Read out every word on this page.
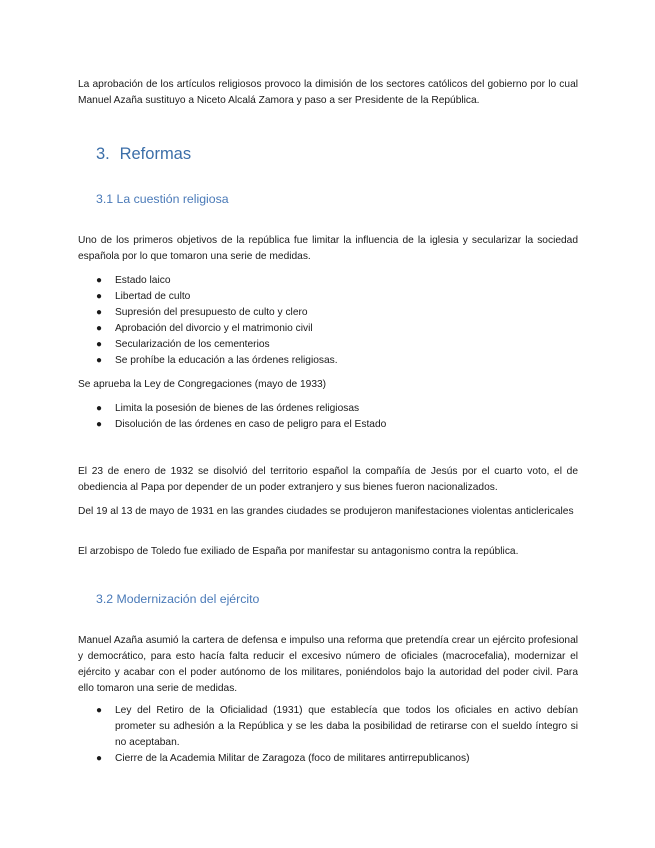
La aprobación de los artículos religiosos provoco la dimisión de los sectores católicos del gobierno por lo cual Manuel Azaña sustituyo a Niceto Alcalá Zamora y paso a ser Presidente de la República.

3. Reformas
3.1 La cuestión religiosa

Uno de los primeros objetivos de la república fue limitar la influencia de la iglesia y secularizar la sociedad española por lo que tomaron una serie de medidas.

● Estado laico
● Libertad de culto
● Supresión del presupuesto de culto y clero
● Aprobación del divorcio y el matrimonio civil
● Secularización de los cementerios
● Se prohíbe la educación a las órdenes religiosas.

Se aprueba la Ley de Congregaciones (mayo de 1933)

● Limita la posesión de bienes de las órdenes religiosas
● Disolución de las órdenes en caso de peligro para el Estado

El 23 de enero de 1932 se disolvió del territorio español la compañía de Jesús por el cuarto voto, el de obediencia al Papa por depender de un poder extranjero y sus bienes fueron nacionalizados.

Del 19 al 13 de mayo de 1931 en las grandes ciudades se produjeron manifestaciones violentas anticlericales

El arzobispo de Toledo fue exiliado de España por manifestar su antagonismo contra la república.

3.2 Modernización del ejército

Manuel Azaña asumió la cartera de defensa e impulso una reforma que pretendía crear un ejército profesional y democrático, para esto hacía falta reducir el excesivo número de oficiales (macrocefalia), modernizar el ejército y acabar con el poder autónomo de los militares, poniéndolos bajo la autoridad del poder civil. Para ello tomaron una serie de medidas.

● Ley del Retiro de la Oficialidad (1931) que establecía que todos los oficiales en activo debían prometer su adhesión a la República y se les daba la posibilidad de retirarse con el sueldo íntegro si no aceptaban.
● Cierre de la Academia Militar de Zaragoza (foco de militares antirrepublicanos)
